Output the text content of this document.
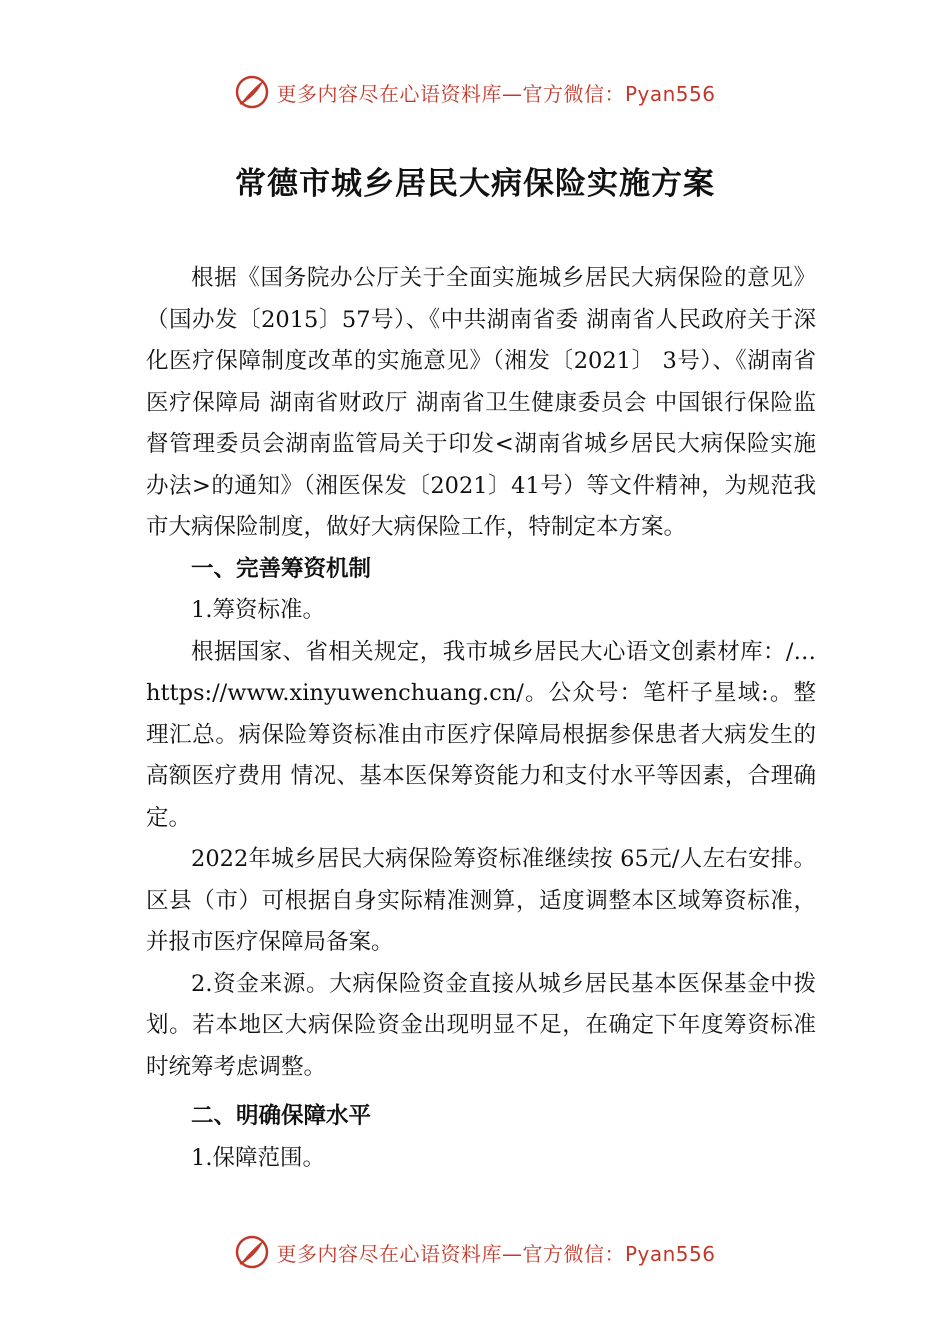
更多内容尽在心语资料库—官方微信：Pyan556
常德市城乡居民大病保险实施方案

根据《国务院办公厅关于全面实施城乡居民大病保险的意见》（国办发〔2015〕57号）、《中共湖南省委 湖南省人民政府关于深化医疗保障制度改革的实施意见》（湘发〔2021〕 3号）、《湖南省医疗保障局 湖南省财政厅 湖南省卫生健康委员会 中国银行保险监督管理委员会湖南监管局关于印发<湖南省城乡居民大病保险实施办法>的通知》（湘医保发〔2021〕41号）等文件精神，为规范我市大病保险制度，做好大病保险工作，特制定本方案。

一、完善筹资机制

1.筹资标准。

根据国家、省相关规定，我市城乡居民大心语文创素材库：/…https://www.xinyuwenchuang.cn/。公众号：笔杆子星域:。整理汇总。病保险筹资标准由市医疗保障局根据参保患者大病发生的高额医疗费用 情况、基本医保筹资能力和支付水平等因素，合理确定。

2022年城乡居民大病保险筹资标准继续按 65元/人左右安排。区县（市）可根据自身实际精准测算，适度调整本区域筹资标准，并报市医疗保障局备案。

2.资金来源。大病保险资金直接从城乡居民基本医保基金中拨划。若本地区大病保险资金出现明显不足，在确定下年度筹资标准时统筹考虑调整。

二、明确保障水平

1.保障范围。

更多内容尽在心语资料库—官方微信：Pyan556
